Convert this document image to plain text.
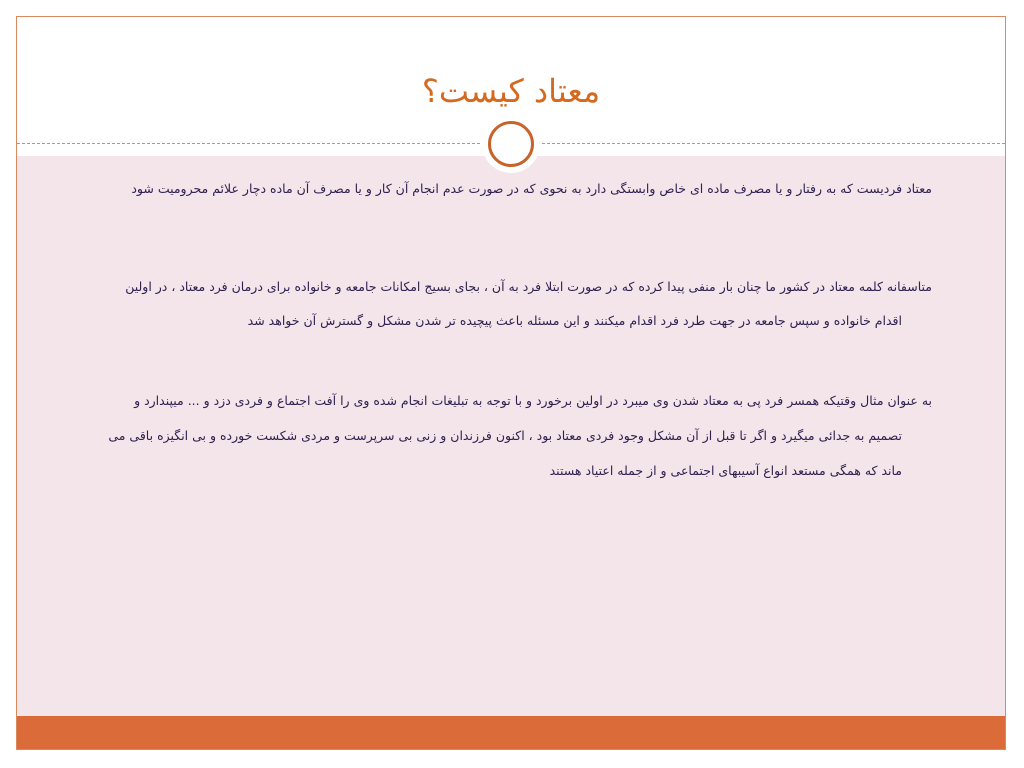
معتاد کیست؟
معتاد فردیست که به رفتار و یا مصرف ماده ای خاص وابستگی دارد به نحوی که در صورت عدم انجام آن کار و یا مصرف آن ماده دچار علائم محرومیت شود
متاسفانه کلمه معتاد در کشور ما چنان بار منفی پیدا کرده که در صورت ابتلا فرد به آن ، بجای بسیج امکانات جامعه و خانواده برای درمان فرد معتاد ، در اولین
اقدام خانواده و سپس جامعه در جهت طرد فرد اقدام میکنند و این مسئله باعث پیچیده تر شدن مشکل و گسترش آن خواهد شد
به عنوان مثال وقتیکه همسر فرد پی به معتاد شدن وی میبرد در اولین برخورد و با توجه به تبلیغات انجام شده وی را آفت اجتماع و فردی دزد و ... میپندارد و
تصمیم به جدائی میگیرد و اگر تا قبل از آن مشکل وجود فردی معتاد بود ، اکنون فرزندان و زنی بی سرپرست و مردی شکست خورده و بی انگیزه باقی می
ماند که همگی مستعد انواع آسیبهای اجتماعی و از جمله اعتیاد هستند
